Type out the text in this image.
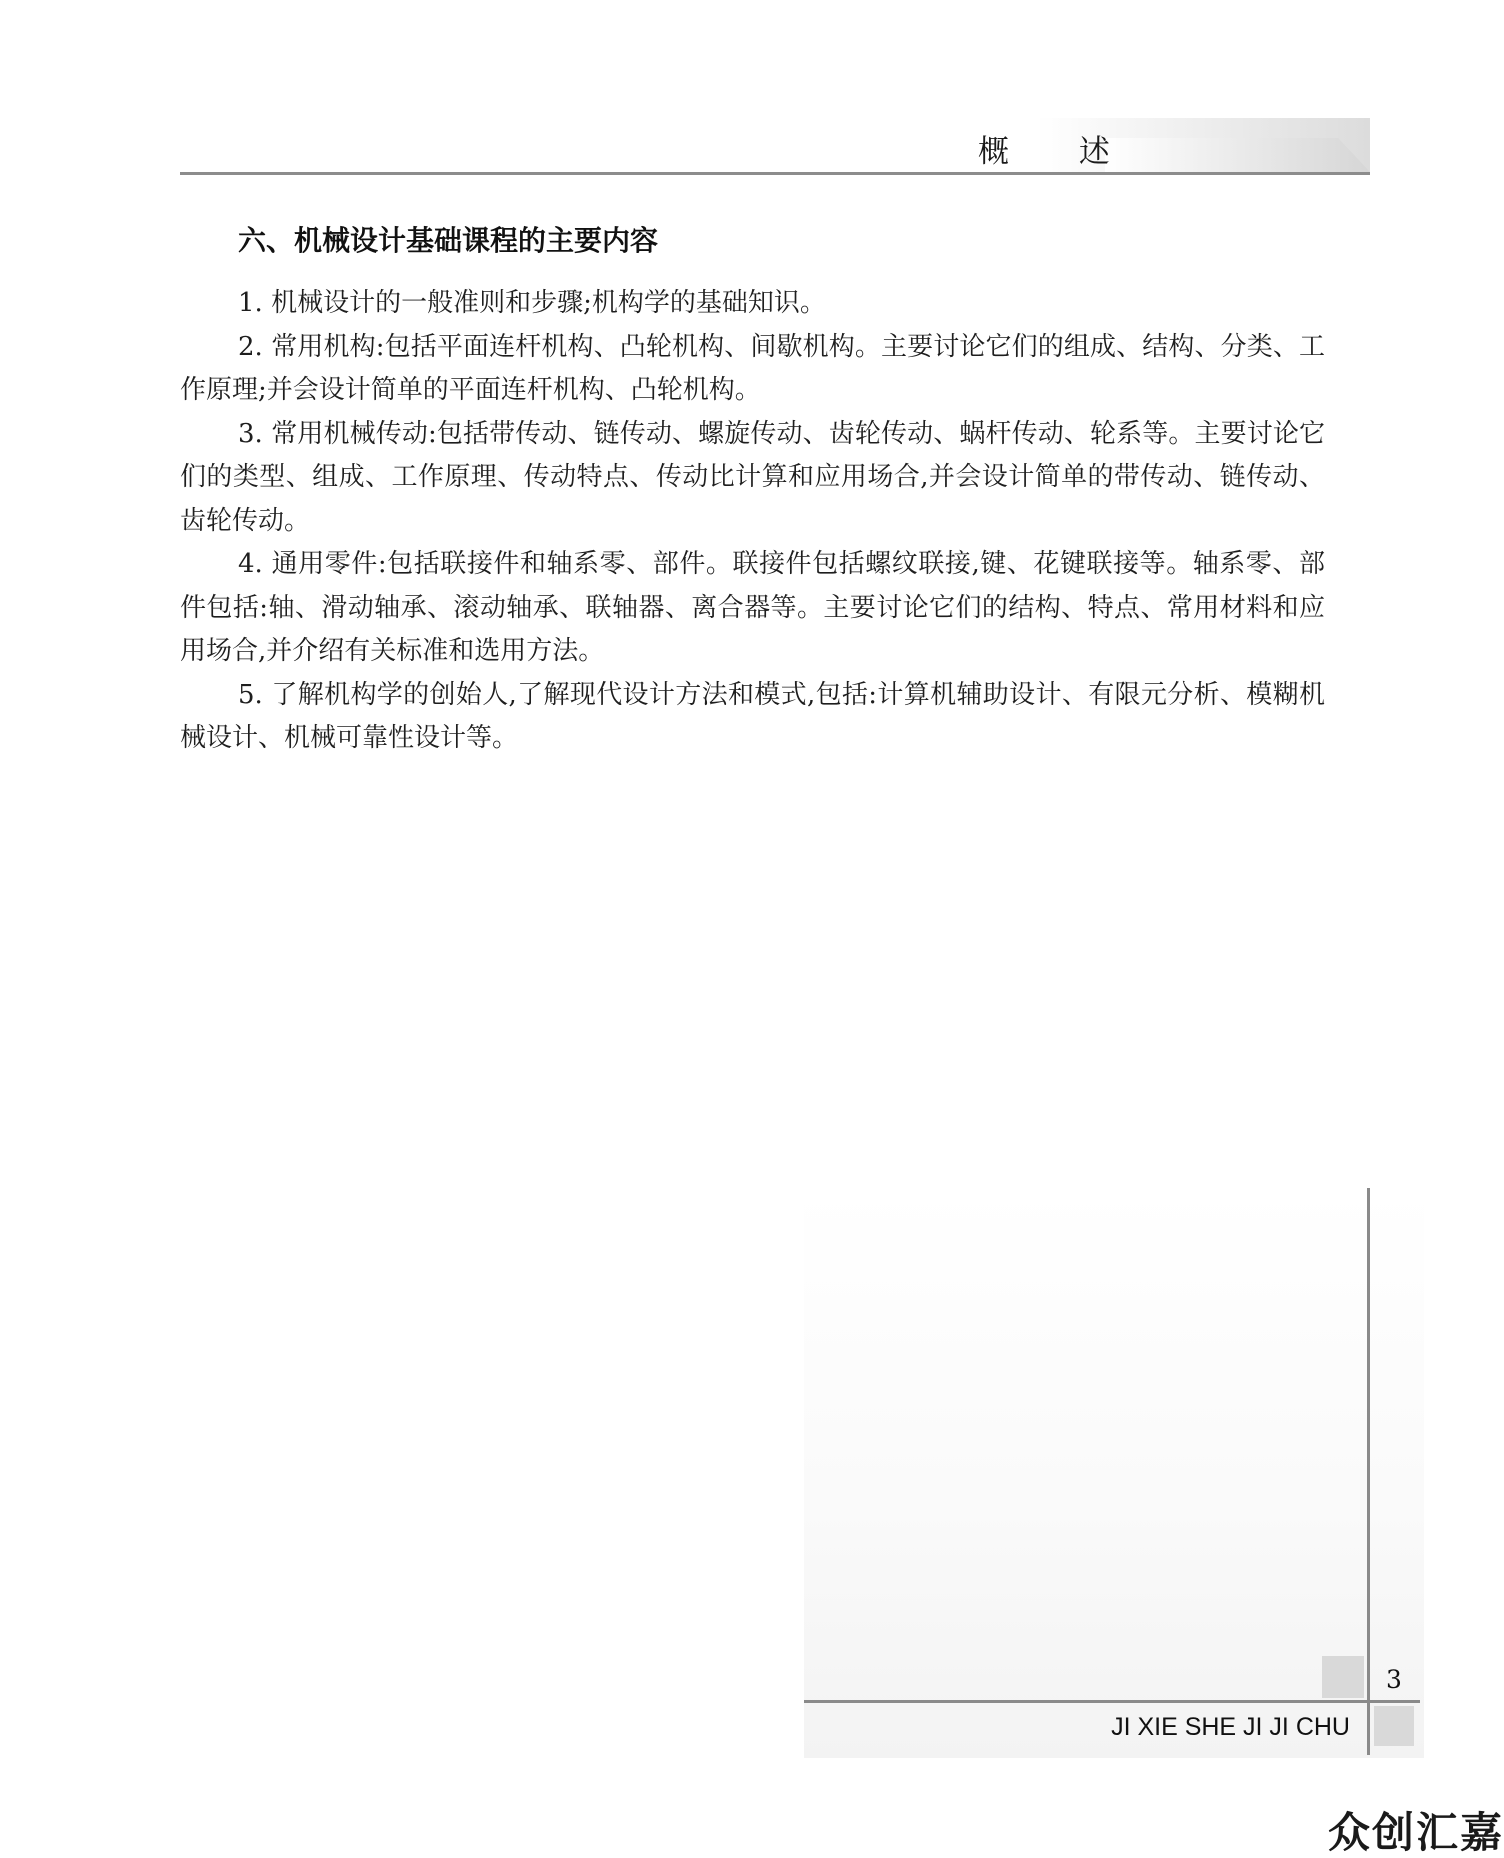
概 述
六、机械设计基础课程的主要内容

1. 机械设计的一般准则和步骤;机构学的基础知识。

2. 常用机构:包括平面连杆机构、凸轮机构、间歇机构。主要讨论它们的组成、结构、分类、工作原理;并会设计简单的平面连杆机构、凸轮机构。

3. 常用机械传动:包括带传动、链传动、螺旋传动、齿轮传动、蜗杆传动、轮系等。主要讨论它们的类型、组成、工作原理、传动特点、传动比计算和应用场合,并会设计简单的带传动、链传动、齿轮传动。

4. 通用零件:包括联接件和轴系零、部件。联接件包括螺纹联接,键、花键联接等。轴系零、部件包括:轴、滑动轴承、滚动轴承、联轴器、离合器等。主要讨论它们的结构、特点、常用材料和应用场合,并介绍有关标准和选用方法。

5. 了解机构学的创始人,了解现代设计方法和模式,包括:计算机辅助设计、有限元分析、模糊机械设计、机械可靠性设计等。

3
JI XIE SHE JI JI CHU
众创汇嘉
